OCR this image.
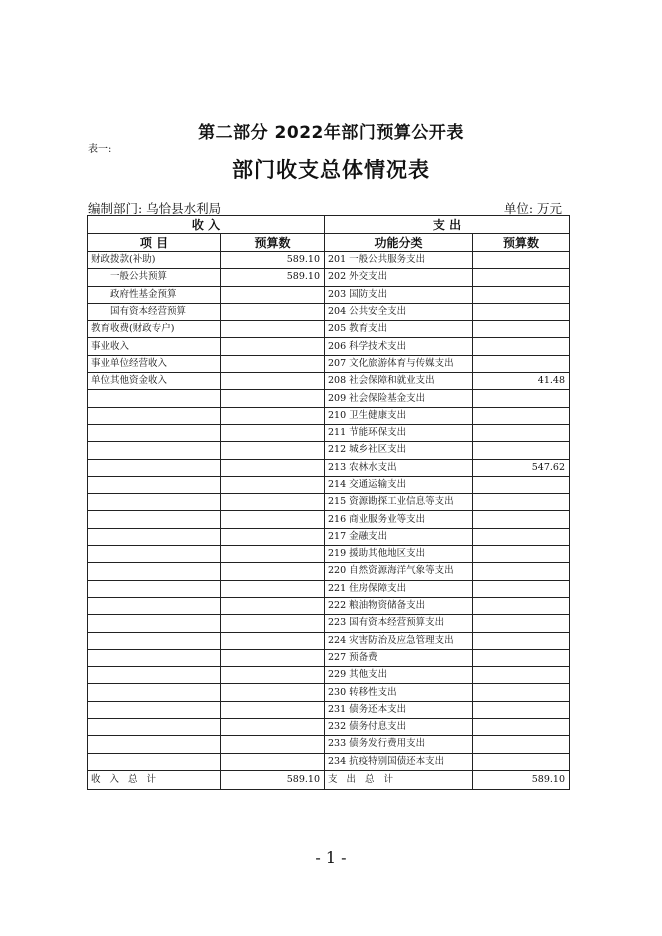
第二部分 2022年部门预算公开表
表一:
部门收支总体情况表
编制部门: 乌恰县水利局	单位: 万元
收 入		支 出	
项 目	预算数	功能分类	预算数
财政拨款(补助)	589.10	201 一般公共服务支出	
一般公共预算	589.10	202 外交支出	
政府性基金预算		203 国防支出	
国有资本经营预算		204 公共安全支出	
教育收费(财政专户)		205 教育支出	
事业收入		206 科学技术支出	
事业单位经营收入		207 文化旅游体育与传媒支出	
单位其他资金收入		208 社会保障和就业支出	41.48
		209 社会保险基金支出	
		210 卫生健康支出	
		211 节能环保支出	
		212 城乡社区支出	
		213 农林水支出	547.62
		214 交通运输支出	
		215 资源勘探工业信息等支出	
		216 商业服务业等支出	
		217 金融支出	
		219 援助其他地区支出	
		220 自然资源海洋气象等支出	
		221 住房保障支出	
		222 粮油物资储备支出	
		223 国有资本经营预算支出	
		224 灾害防治及应急管理支出	
		227 预备费	
		229 其他支出	
		230 转移性支出	
		231 债务还本支出	
		232 债务付息支出	
		233 债务发行费用支出	
		234 抗疫特别国债还本支出	
收 入 总 计	589.10	支 出 总 计	589.10
- 1 -
